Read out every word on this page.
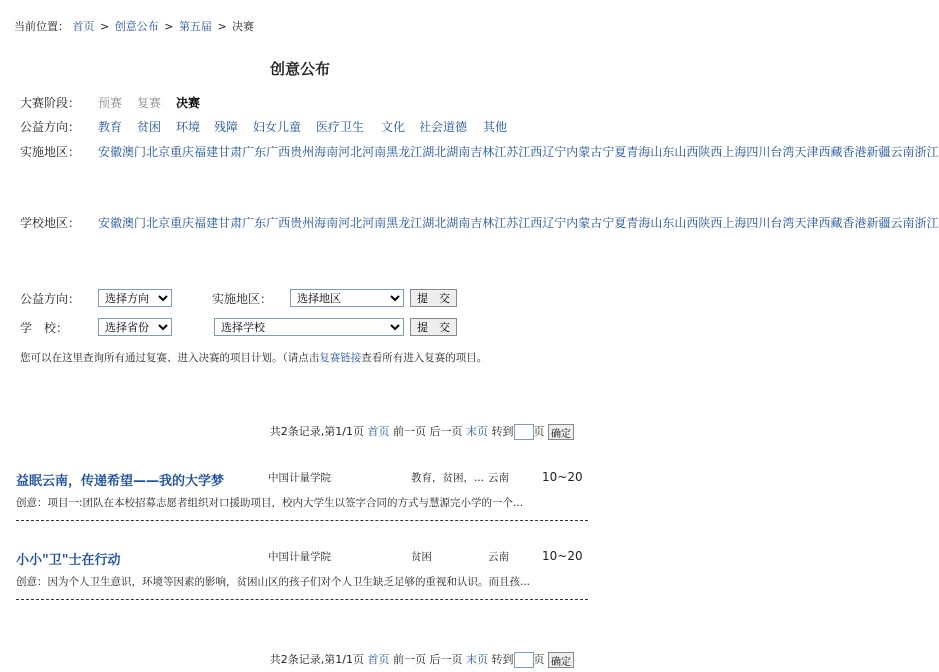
当前位置： 首页 > 创意公布 > 第五届 > 决赛
创意公布
大赛阶段： 预赛 复赛 决赛
公益方向： 教育 贫困 环境 残障 妇女儿童 医疗卫生 文化 社会道德 其他
实施地区： 安徽澳门北京重庆福建甘肃广东广西贵州海南河北河南黑龙江湖北湖南吉林江苏江西辽宁内蒙古宁夏青海山东山西陕西上海四川台湾天津西藏香港新疆云南浙江
学校地区： 安徽澳门北京重庆福建甘肃广东广西贵州海南河北河南黑龙江湖北湖南吉林江苏江西辽宁内蒙古宁夏青海山东山西陕西上海四川台湾天津西藏香港新疆云南浙江
公益方向：
选择方向	实施地区：
选择地区	提　交
学　校：
选择省份
选择学校	提　交
您可以在这里查询所有通过复赛、进入决赛的项目计划。（请点击复赛链接查看所有进入复赛的项目。
共2条记录,第1/1页 首页 前一页 后一页 末页 转到 页 确定
益眠云南，传递希望——我的大学梦	中国计量学院	教育，贫困，... 云南	10~20
创意：项目一:团队在本校招募志愿者组织对口援助项目，校内大学生以签字合同的方式与慧源完小学的一个...
小小"卫"士在行动	中国计量学院	贫困	云南	10~20
创意：因为个人卫生意识，环境等因素的影响，贫困山区的孩子们对个人卫生缺乏足够的重视和认识。而且孩...
共2条记录,第1/1页 首页 前一页 后一页 末页 转到 页 确定
